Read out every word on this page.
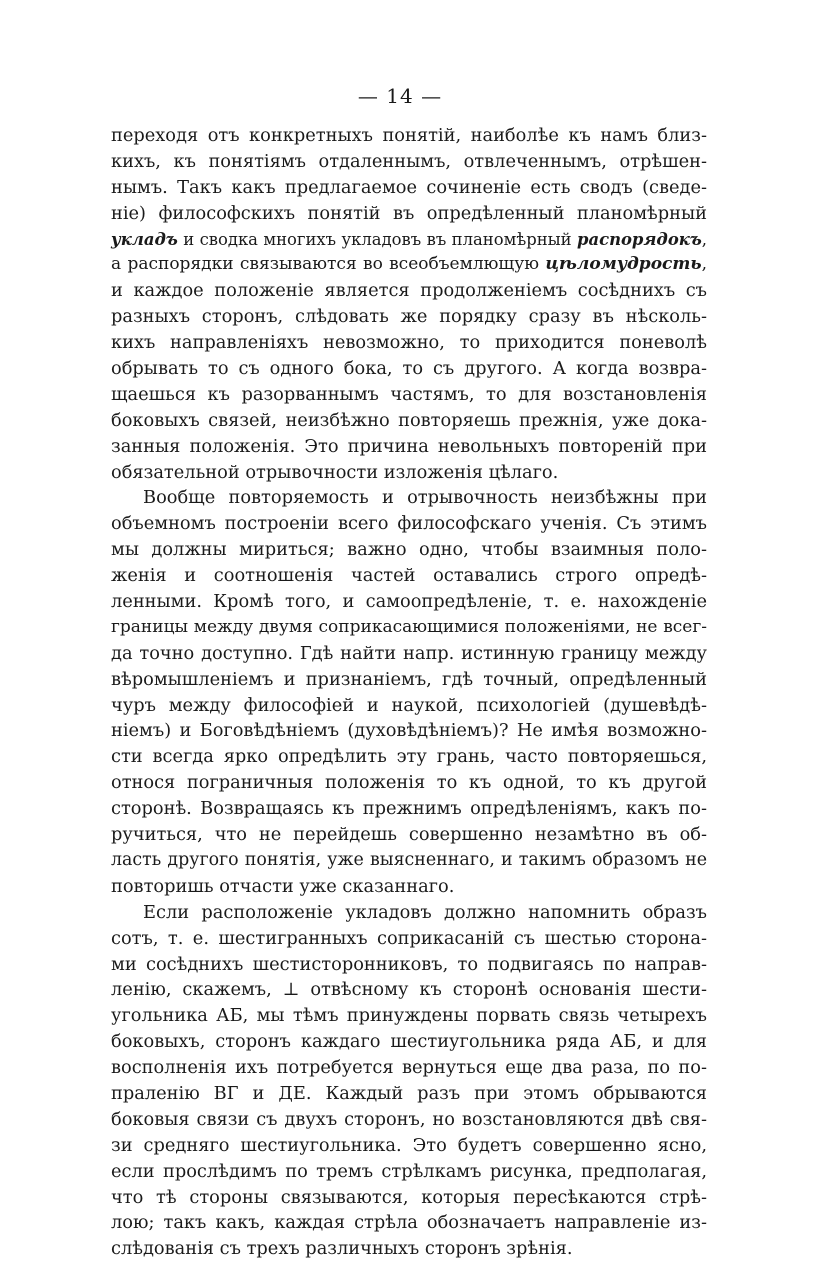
— 14 —
переходя отъ конкретныхъ понятій, наиболѣе къ намъ близ-
кихъ, къ понятіямъ отдаленнымъ, отвлеченнымъ, отрѣшен-
нымъ. Такъ какъ предлагаемое сочиненіе есть сводъ (сведе-
ніе) философскихъ понятій въ опредѣленный планомѣрный
укладъ и сводка многихъ укладовъ въ планомѣрный распорядокъ,
а распорядки связываются во всеобъемлющую цѣломудрость,
и каждое положеніе является продолженіемъ сосѣднихъ съ
разныхъ сторонъ, слѣдовать же порядку сразу въ нѣсколь-
кихъ направленіяхъ невозможно, то приходится поневолѣ
обрывать то съ одного бока, то съ другого. А когда возвра-
щаешься къ разорваннымъ частямъ, то для возстановленія
боковыхъ связей, неизбѣжно повторяешь прежнія, уже дока-
занныя положенія. Это причина невольныхъ повтореній при
обязательной отрывочности изложенія цѣлаго.
Вообще повторяемость и отрывочность неизбѣжны при
объемномъ построеніи всего философскаго ученія. Съ этимъ
мы должны мириться; важно одно, чтобы взаимныя поло-
женія и соотношенія частей оставались строго опредѣ-
ленными. Кромѣ того, и самоопредѣленіе, т. е. нахожденіе
границы между двумя соприкасающимися положеніями, не всег-
да точно доступно. Гдѣ найти напр. истинную границу между
вѣромышленіемъ и признаніемъ, гдѣ точный, опредѣленный
чуръ между философіей и наукой, психологіей (душевѣдѣ-
ніемъ) и Боговѣдѣніемъ (духовѣдѣніемъ)? Не имѣя возможно-
сти всегда ярко опредѣлить эту грань, часто повторяешься,
относя пограничныя положенія то къ одной, то къ другой
сторонѣ. Возвращаясь къ прежнимъ опредѣленіямъ, какъ по-
ручиться, что не перейдешь совершенно незамѣтно въ об-
ласть другого понятія, уже выясненнаго, и такимъ образомъ не
повторишь отчасти уже сказаннаго.
Если расположеніе укладовъ должно напомнить образъ
сотъ, т. е. шестигранныхъ соприкасаній съ шестью сторона-
ми сосѣднихъ шестисторонниковъ, то подвигаясь по направ-
ленію, скажемъ, ⊥ отвѣсному къ сторонѣ основанія шести-
угольника АБ, мы тѣмъ принуждены порвать связь четырехъ
боковыхъ, сторонъ каждаго шестиугольника ряда АБ, и для
восполненія ихъ потребуется вернуться еще два раза, по по-
праленію ВГ и ДЕ. Каждый разъ при этомъ обрываются
боковыя связи съ двухъ сторонъ, но возстановляются двѣ свя-
зи средняго шестиугольника. Это будетъ совершенно ясно,
если прослѣдимъ по тремъ стрѣлкамъ рисунка, предполагая,
что тѣ стороны связываются, которыя пересѣкаются стрѣ-
лою; такъ какъ, каждая стрѣла обозначаетъ направленіе из-
слѣдованія съ трехъ различныхъ сторонъ зрѣнія.
